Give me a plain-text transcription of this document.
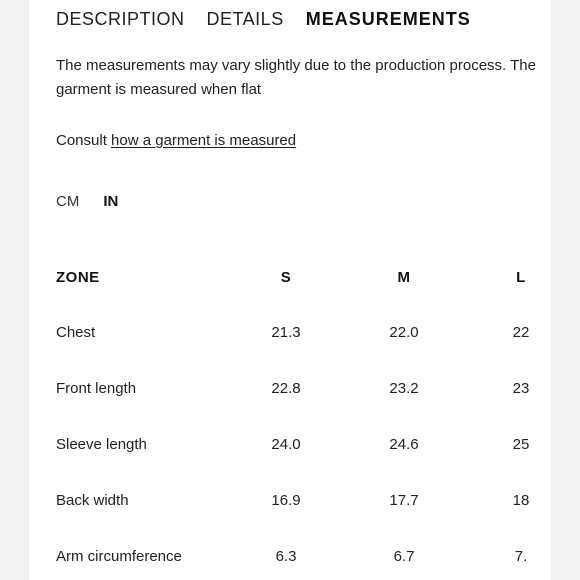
DESCRIPTION DETAILS MEASUREMENTS

The measurements may vary slightly due to the production process. The garment is measured when flat

Consult how a garment is measured
CM IN
ZONE	S	M	L
Chest	21.3	22.0	22
Front length	22.8	23.2	23
Sleeve length	24.0	24.6	25
Back width	16.9	17.7	18
Arm circumference	6.3	6.7	7.
